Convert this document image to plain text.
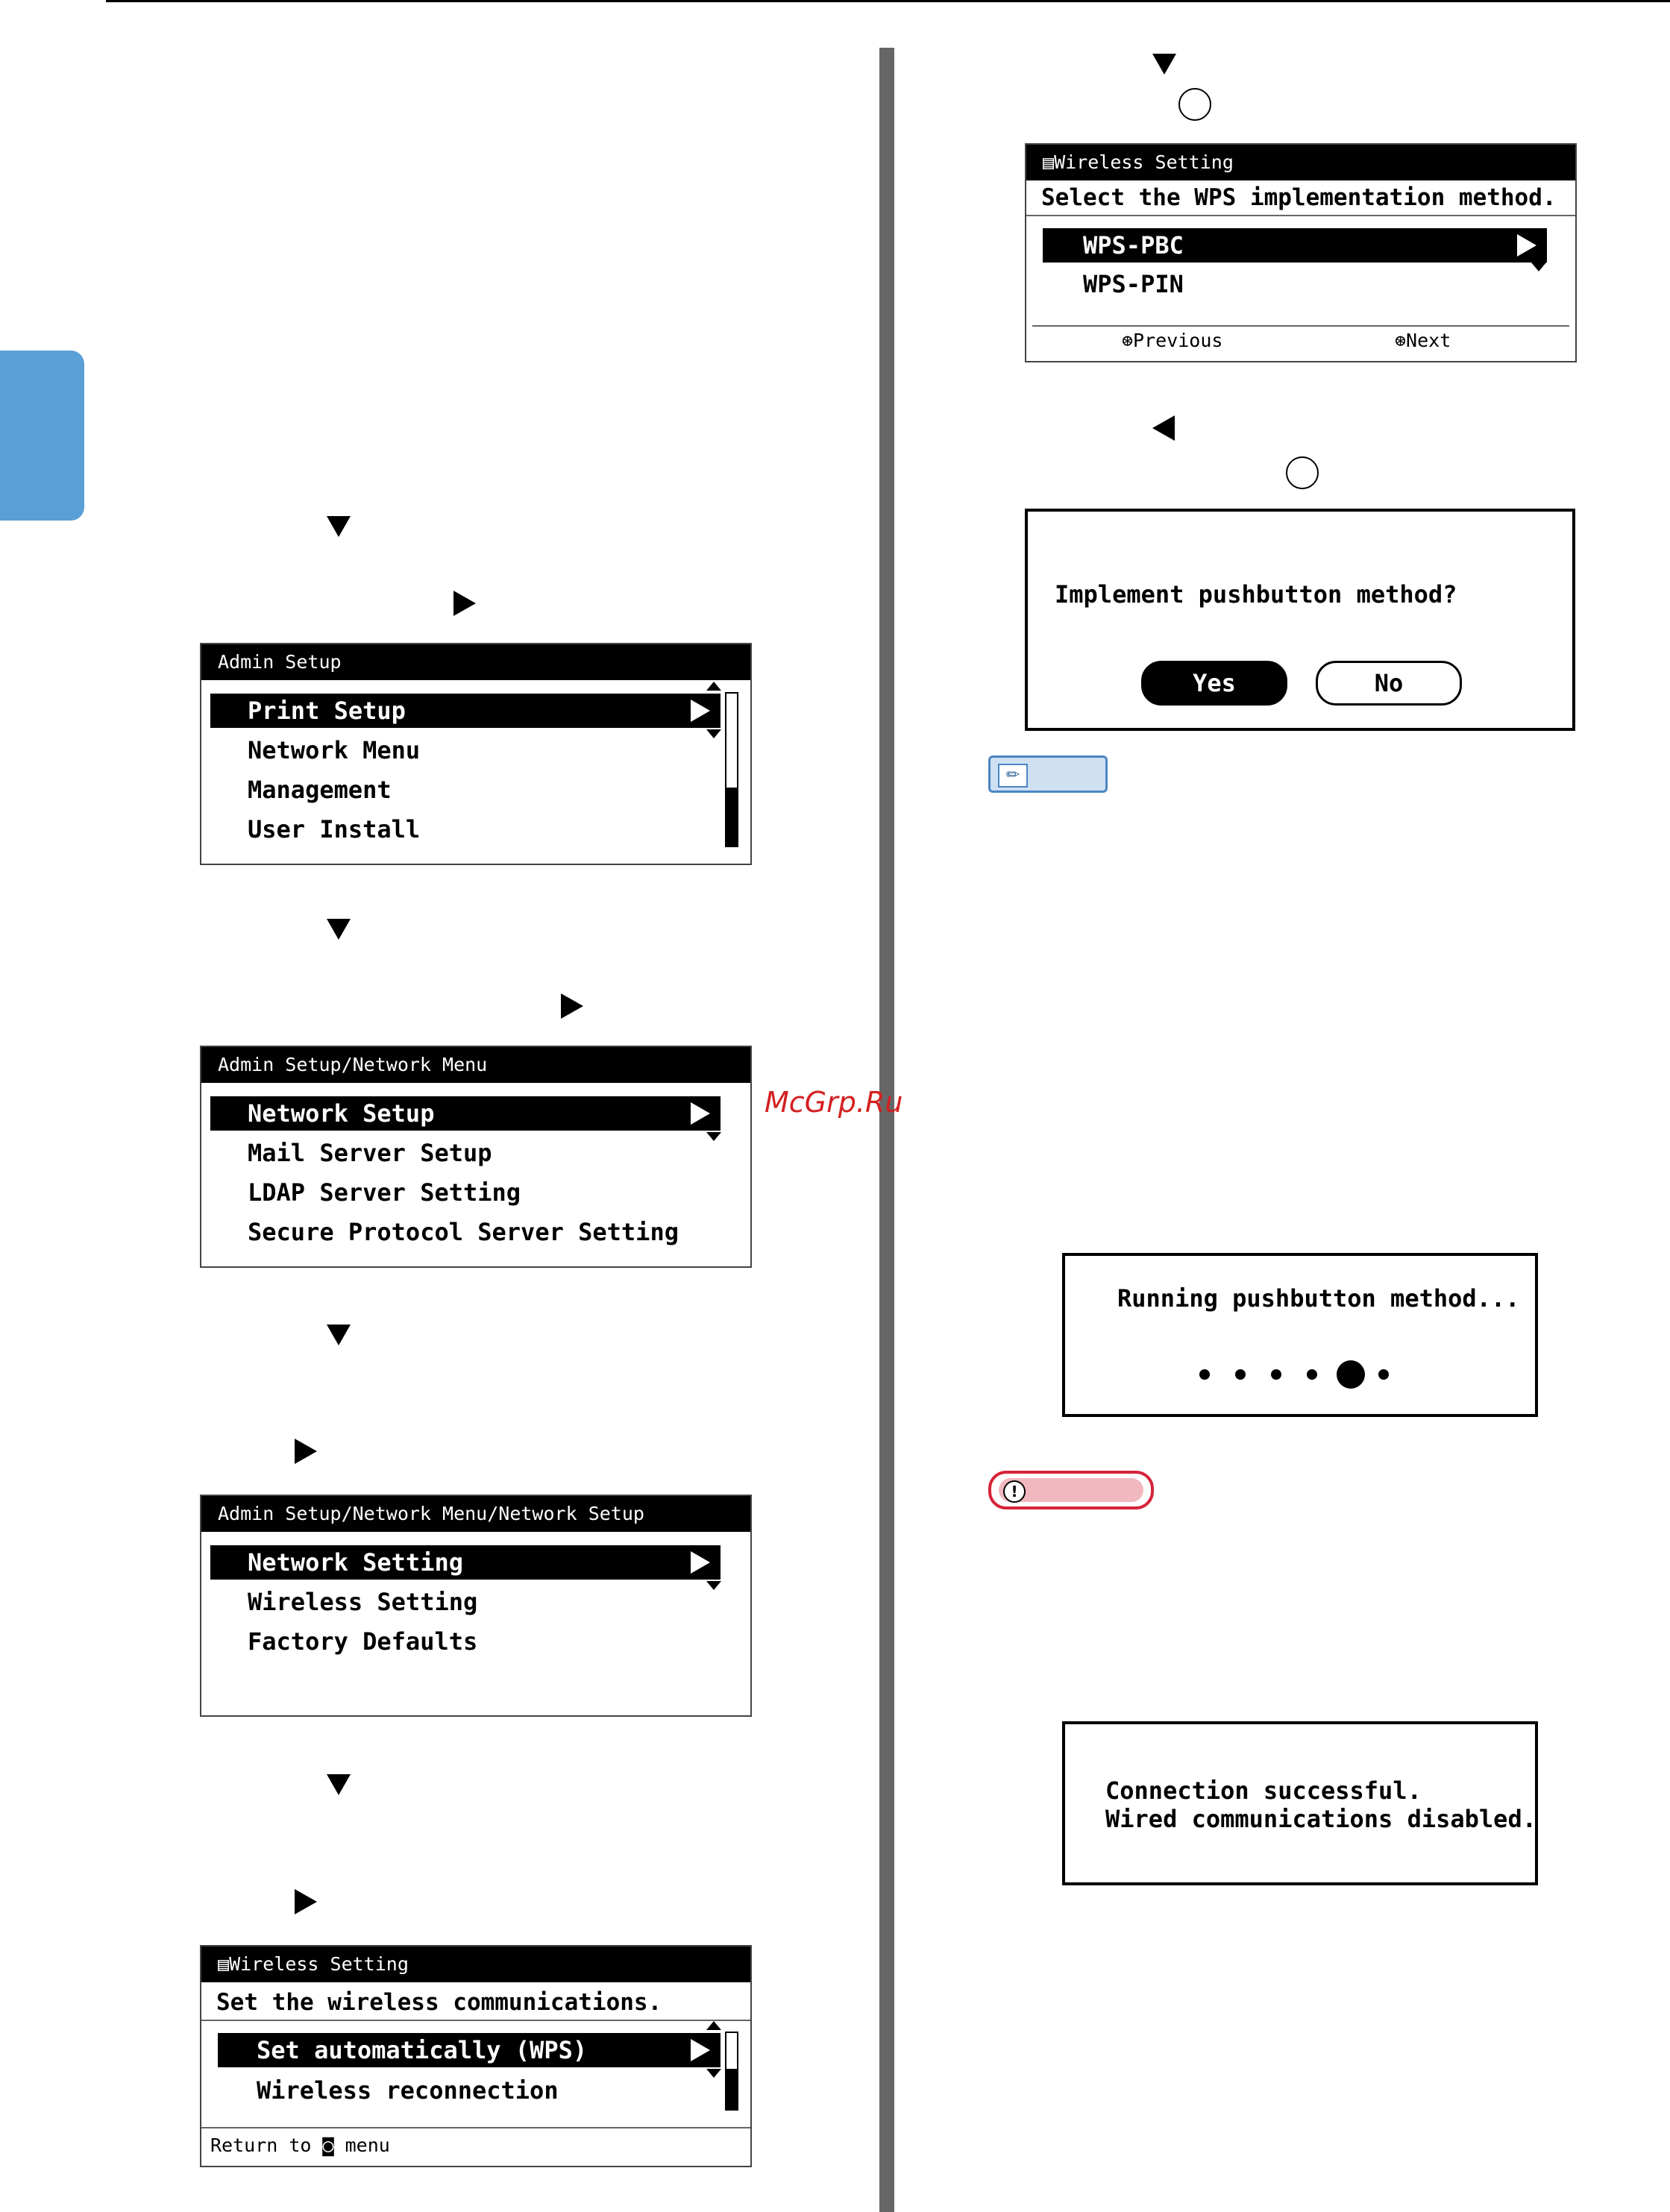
Admin Setup
Print Setup
Network Menu
Management
User Install
Admin Setup/Network Menu
Network Setup
Mail Server Setup
LDAP Server Setting
Secure Protocol Server Setting
Admin Setup/Network Menu/Network Setup
Network Setting
Wireless Setting
Factory Defaults
▤Wireless Setting
Set the wireless communications.
Set automatically (WPS)
Wireless reconnection
Return to ◙ menu
▤Wireless Setting
Select the WPS implementation method.
WPS-PBC
WPS-PIN
⊛Previous	⊛Next
Implement pushbutton method?
Yes	No
✏
McGrp.Ru
Running pushbutton method...
!
Connection successful.
Wired communications disabled.
